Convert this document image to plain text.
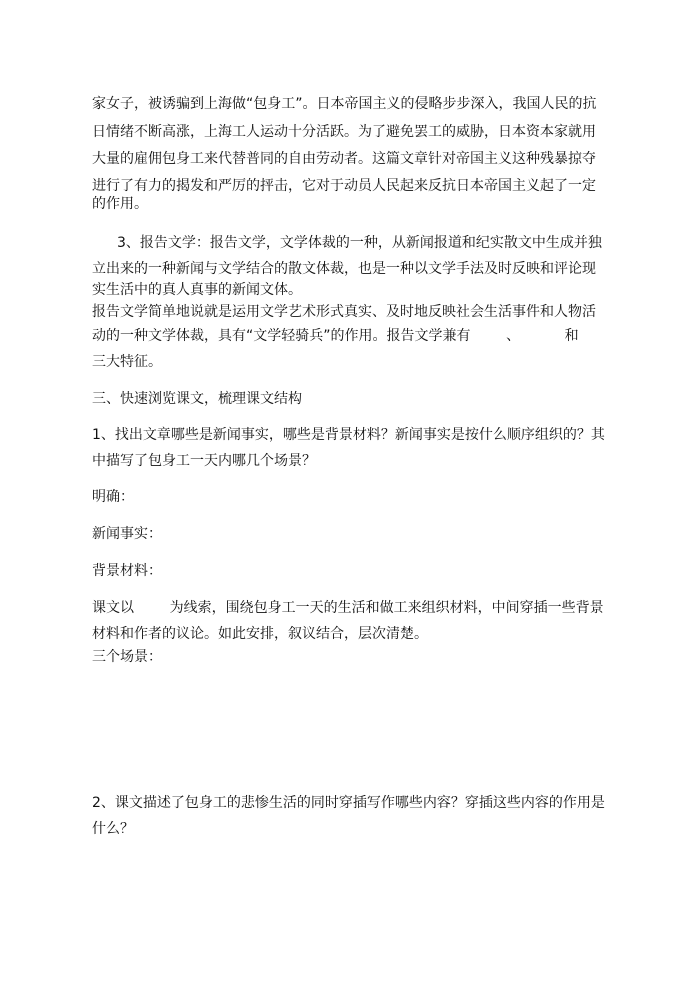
家女子，被诱骗到上海做“包身工”。日本帝国主义的侵略步步深入，我国人民的抗
日情绪不断高涨，上海工人运动十分活跃。为了避免罢工的威胁，日本资本家就用
大量的雇佣包身工来代替普同的自由劳动者。这篇文章针对帝国主义这种残暴掠夺
进行了有力的揭发和严厉的抨击，它对于动员人民起来反抗日本帝国主义起了一定
的作用。
3、报告文学：报告文学，文学体裁的一种，从新闻报道和纪实散文中生成并独
立出来的一种新闻与文学结合的散文体裁，也是一种以文学手法及时反映和评论现
实生活中的真人真事的新闻文体。
报告文学简单地说就是运用文学艺术形式真实、及时地反映社会生活事件和人物活
动的一种文学体裁，具有“文学轻骑兵”的作用。报告文学兼有        、          和
三大特征。
三、快速浏览课文，梳理课文结构
1、找出文章哪些是新闻事实，哪些是背景材料？新闻事实是按什么顺序组织的？其
中描写了包身工一天内哪几个场景？
明确：
新闻事实：
背景材料：
课文以        为线索，围绕包身工一天的生活和做工来组织材料，中间穿插一些背景
材料和作者的议论。如此安排，叙议结合，层次清楚。
三个场景：
2、课文描述了包身工的悲惨生活的同时穿插写作哪些内容？穿插这些内容的作用是
什么？
